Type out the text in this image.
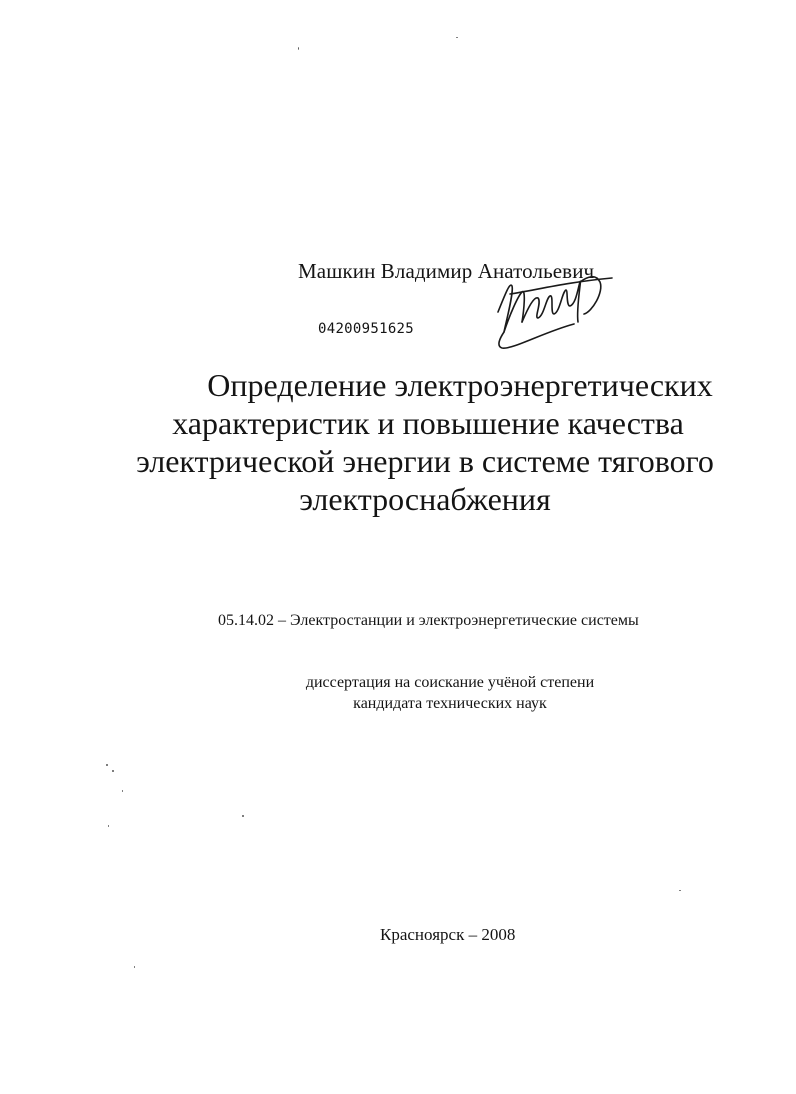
Машкин Владимир Анатольевич
04200951625
Определение электроэнергетических
характеристик и повышение качества
электрической энергии в системе тягового
электроснабжения
05.14.02 – Электростанции и электроэнергетические системы
диссертация на соискание учёной степени
кандидата технических наук
Красноярск – 2008
